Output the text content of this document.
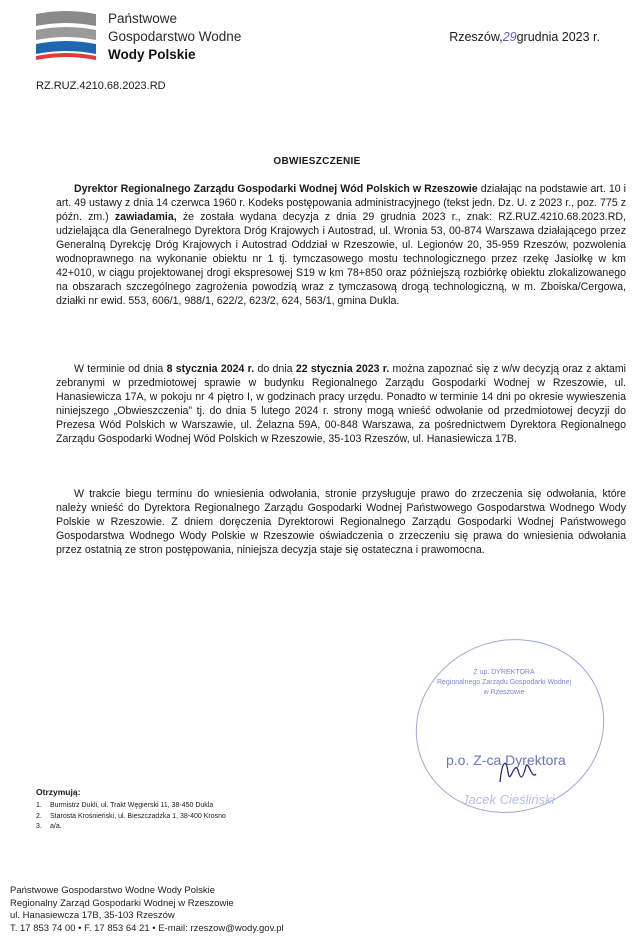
Państwowe
Gospodarstwo Wodne
Wody Polskie
Rzeszów,29grudnia 2023 r.
RZ.RUZ.4210.68.2023.RD
OBWIESZCZENIE
Dyrektor Regionalnego Zarządu Gospodarki Wodnej Wód Polskich w Rzeszowie działając na podstawie art. 10 i art. 49 ustawy z dnia 14 czerwca 1960 r. Kodeks postępowania administracyjnego (tekst jedn. Dz. U. z 2023 r., poz. 775 z późn. zm.) zawiadamia, że została wydana decyzja z dnia 29 grudnia 2023 r., znak: RZ.RUZ.4210.68.2023.RD, udzielająca dla Generalnego Dyrektora Dróg Krajowych i Autostrad, ul. Wronia 53, 00-874 Warszawa działającego przez Generalną Dyrekcję Dróg Krajowych i Autostrad Oddział w Rzeszowie, ul. Legionów 20, 35-959 Rzeszów, pozwolenia wodnoprawnego na wykonanie obiektu nr 1 tj. tymczasowego mostu technologicznego przez rzekę Jasiołkę w km 42+010, w ciągu projektowanej drogi ekspresowej S19 w km 78+850 oraz późniejszą rozbiórkę obiektu zlokalizowanego na obszarach szczególnego zagrożenia powodzią wraz z tymczasową drogą technologiczną, w m. Zboiska/Cergowa, działki nr ewid. 553, 606/1, 988/1, 622/2, 623/2, 624, 563/1, gmina Dukla.
W terminie od dnia 8 stycznia 2024 r. do dnia 22 stycznia 2023 r. można zapoznać się z w/w decyzją oraz z aktami zebranymi w przedmiotowej sprawie w budynku Regionalnego Zarządu Gospodarki Wodnej w Rzeszowie, ul. Hanasiewicza 17A, w pokoju nr 4 piętro I, w godzinach pracy urzędu. Ponadto w terminie 14 dni po okresie wywieszenia niniejszego „Obwieszczenia” tj. do dnia 5 lutego 2024 r. strony mogą wnieść odwołanie od przedmiotowej decyzji do Prezesa Wód Polskich w Warszawie, ul. Żelazna 59A, 00-848 Warszawa, za pośrednictwem Dyrektora Regionalnego Zarządu Gospodarki Wodnej Wód Polskich w Rzeszowie, 35-103 Rzeszów, ul. Hanasiewicza 17B.
W trakcie biegu terminu do wniesienia odwołania, stronie przysługuje prawo do zrzeczenia się odwołania, które należy wnieść do Dyrektora Regionalnego Zarządu Gospodarki Wodnej Państwowego Gospodarstwa Wodnego Wody Polskie w Rzeszowie. Z dniem doręczenia Dyrektorowi Regionalnego Zarządu Gospodarki Wodnej Państwowego Gospodarstwa Wodnego Wody Polskie w Rzeszowie oświadczenia o zrzeczeniu się prawa do wniesienia odwołania przez ostatnią ze stron postępowania, niniejsza decyzja staje się ostateczna i prawomocna.
Z up. DYREKTORA
Regionalnego Zarządu Gospodarki Wodnej
w Rzeszowie
p.o. Z-ca Dyrektora
Jacek Cieśliński
Otrzymują:
1. Burmistrz Dukli, ul. Trakt Węgierski 11, 38-450 Dukla
2. Starosta Krośnieński, ul. Bieszczadzka 1, 38-400 Krosno
3. a/a.
Państwowe Gospodarstwo Wodne Wody Polskie
Regionalny Zarząd Gospodarki Wodnej w Rzeszowie
ul. Hanasiewcza 17B, 35-103 Rzeszów
T. 17 853 74 00 • F. 17 853 64 21 • E-mail: rzeszow@wody.gov.pl
